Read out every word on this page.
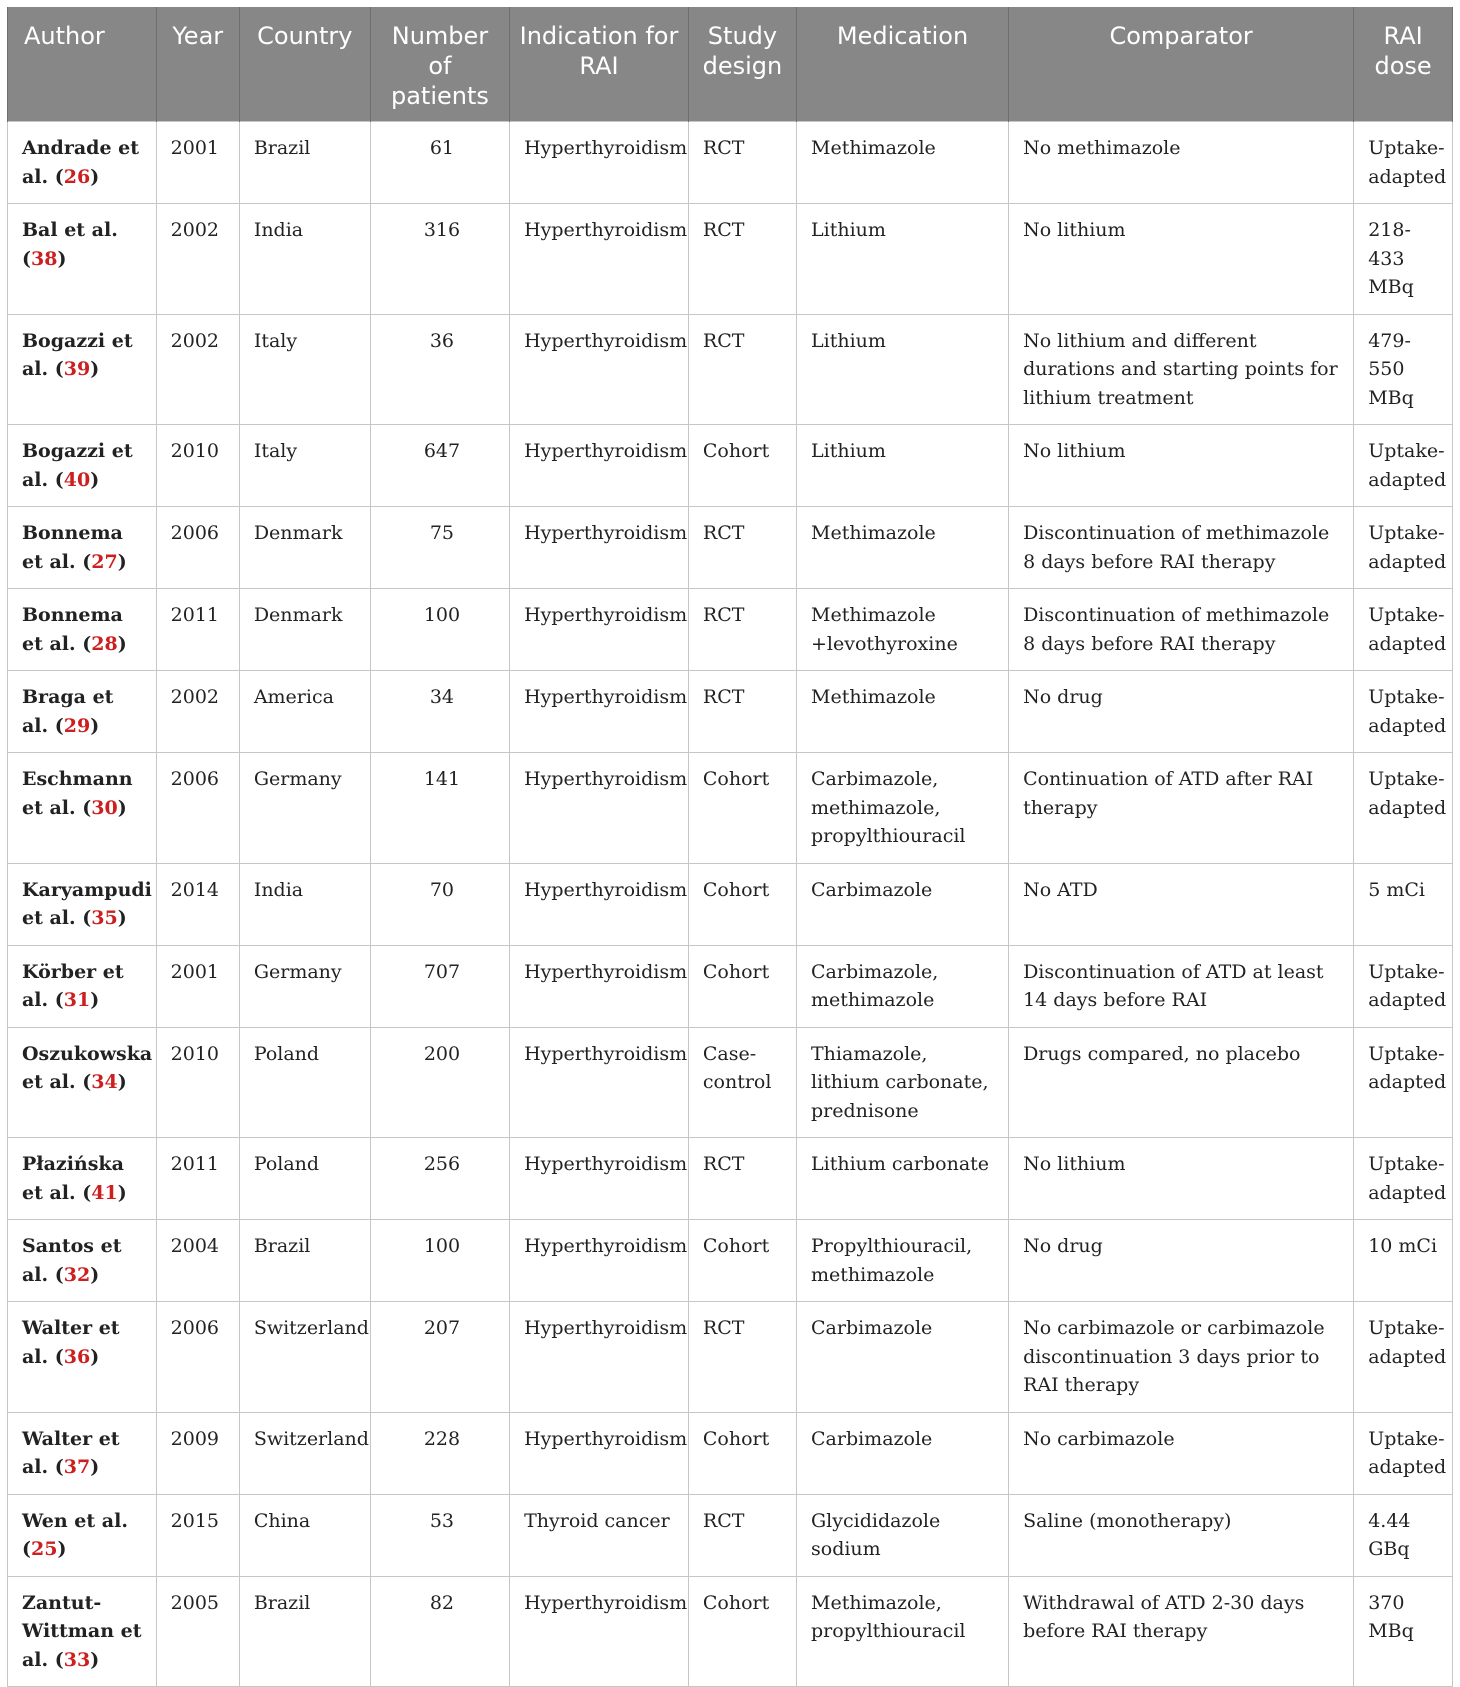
Author	Year	Country	Number of patients	Indication for RAI	Study design	Medication	Comparator	RAI dose
Andrade et al. (26)	2001	Brazil	61	Hyperthyroidism	RCT	Methimazole	No methimazole	Uptake-adapted
Bal et al. (38)	2002	India	316	Hyperthyroidism	RCT	Lithium	No lithium	218-433 MBq
Bogazzi et al. (39)	2002	Italy	36	Hyperthyroidism	RCT	Lithium	No lithium and different durations and starting points for lithium treatment	479-550 MBq
Bogazzi et al. (40)	2010	Italy	647	Hyperthyroidism	Cohort	Lithium	No lithium	Uptake-adapted
Bonnema et al. (27)	2006	Denmark	75	Hyperthyroidism	RCT	Methimazole	Discontinuation of methimazole 8 days before RAI therapy	Uptake-adapted
Bonnema et al. (28)	2011	Denmark	100	Hyperthyroidism	RCT	Methimazole +levothyroxine	Discontinuation of methimazole 8 days before RAI therapy	Uptake-adapted
Braga et al. (29)	2002	America	34	Hyperthyroidism	RCT	Methimazole	No drug	Uptake-adapted
Eschmann et al. (30)	2006	Germany	141	Hyperthyroidism	Cohort	Carbimazole, methimazole, propylthiouracil	Continuation of ATD after RAI therapy	Uptake-adapted
Karyampudi et al. (35)	2014	India	70	Hyperthyroidism	Cohort	Carbimazole	No ATD	5 mCi
Körber et al. (31)	2001	Germany	707	Hyperthyroidism	Cohort	Carbimazole, methimazole	Discontinuation of ATD at least 14 days before RAI	Uptake-adapted
Oszukowska et al. (34)	2010	Poland	200	Hyperthyroidism	Case-control	Thiamazole, lithium carbonate, prednisone	Drugs compared, no placebo	Uptake-adapted
Płazińska et al. (41)	2011	Poland	256	Hyperthyroidism	RCT	Lithium carbonate	No lithium	Uptake-adapted
Santos et al. (32)	2004	Brazil	100	Hyperthyroidism	Cohort	Propylthiouracil, methimazole	No drug	10 mCi
Walter et al. (36)	2006	Switzerland	207	Hyperthyroidism	RCT	Carbimazole	No carbimazole or carbimazole discontinuation 3 days prior to RAI therapy	Uptake-adapted
Walter et al. (37)	2009	Switzerland	228	Hyperthyroidism	Cohort	Carbimazole	No carbimazole	Uptake-adapted
Wen et al. (25)	2015	China	53	Thyroid cancer	RCT	Glycididazole sodium	Saline (monotherapy)	4.44 GBq
Zantut-Wittman et al. (33)	2005	Brazil	82	Hyperthyroidism	Cohort	Methimazole, propylthiouracil	Withdrawal of ATD 2-30 days before RAI therapy	370 MBq
